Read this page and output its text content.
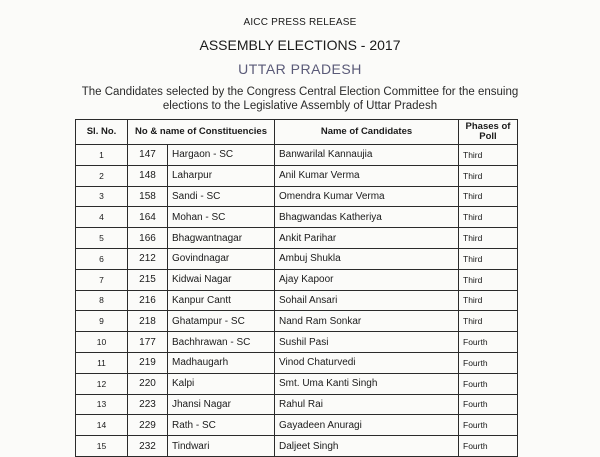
AICC PRESS RELEASE
ASSEMBLY ELECTIONS - 2017
UTTAR PRADESH
The Candidates selected by the Congress Central Election Committee for the ensuing
elections to the Legislative Assembly of Uttar Pradesh
Sl. No.	No & name of Constituencies		Name of Candidates	Phases of
Poll

1	147	Hargaon - SC	Banwarilal Kannaujia	Third
2	148	Laharpur	Anil Kumar Verma	Third
3	158	Sandi - SC	Omendra Kumar Verma	Third
4	164	Mohan - SC	Bhagwandas Katheriya	Third
5	166	Bhagwantnagar	Ankit Parihar	Third
6	212	Govindnagar	Ambuj Shukla	Third
7	215	Kidwai Nagar	Ajay Kapoor	Third
8	216	Kanpur Cantt	Sohail Ansari	Third
9	218	Ghatampur - SC	Nand Ram Sonkar	Third
10	177	Bachhrawan - SC	Sushil Pasi	Fourth
11	219	Madhaugarh	Vinod Chaturvedi	Fourth
12	220	Kalpi	Smt. Uma Kanti Singh	Fourth
13	223	Jhansi Nagar	Rahul Rai	Fourth
14	229	Rath - SC	Gayadeen Anuragi	Fourth
15	232	Tindwari	Daljeet Singh	Fourth
